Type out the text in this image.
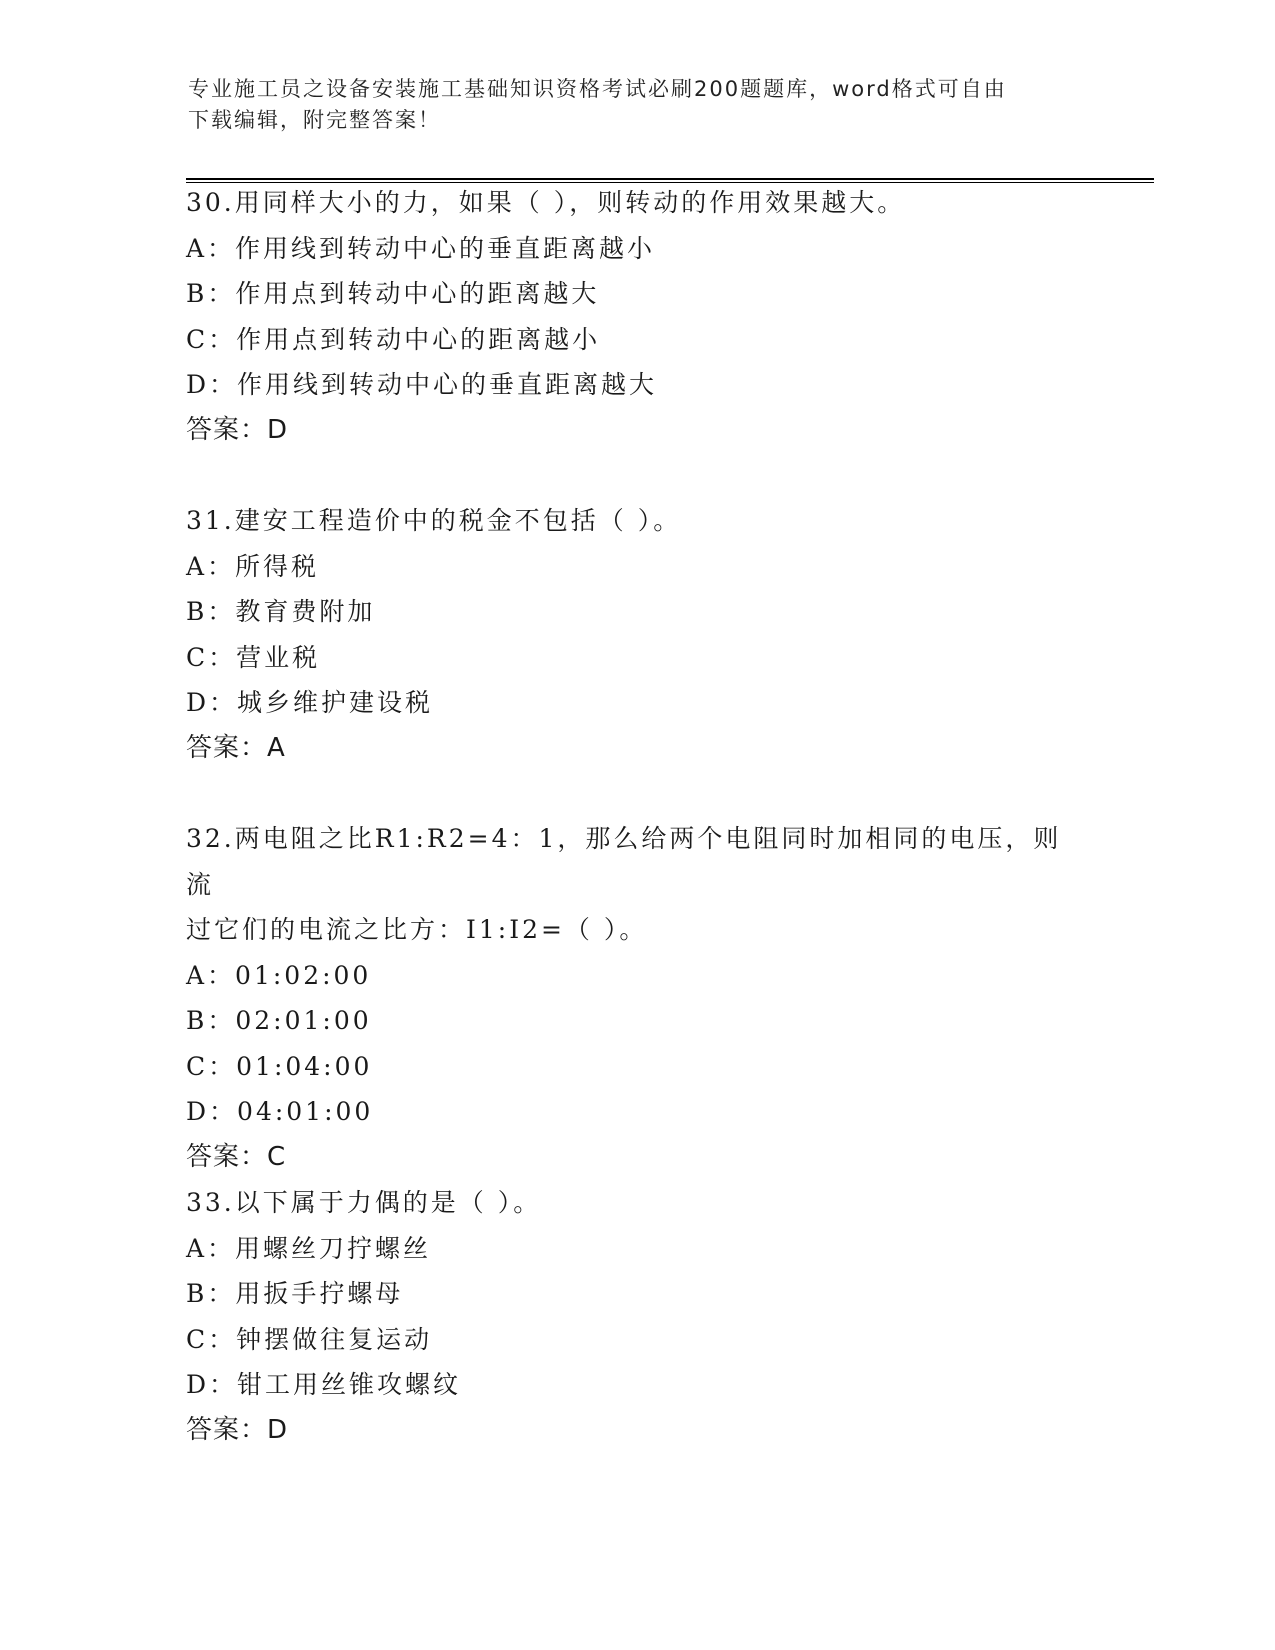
专业施工员之设备安装施工基础知识资格考试必刷200题题库，word格式可自由
下载编辑，附完整答案！

30.用同样大小的力，如果（ ），则转动的作用效果越大。

A：作用线到转动中心的垂直距离越小

B：作用点到转动中心的距离越大

C：作用点到转动中心的距离越小

D：作用线到转动中心的垂直距离越大

答案：D

31.建安工程造价中的税金不包括（ ）。

A：所得税

B：教育费附加

C：营业税

D：城乡维护建设税

答案：A

32.两电阻之比R1:R2=4：1，那么给两个电阻同时加相同的电压，则流

过它们的电流之比方：I1:I2=（ ）。

A：01:02:00

B：02:01:00

C：01:04:00

D：04:01:00

答案：C

33.以下属于力偶的是（ ）。

A：用螺丝刀拧螺丝

B：用扳手拧螺母

C：钟摆做往复运动

D：钳工用丝锥攻螺纹

答案：D
